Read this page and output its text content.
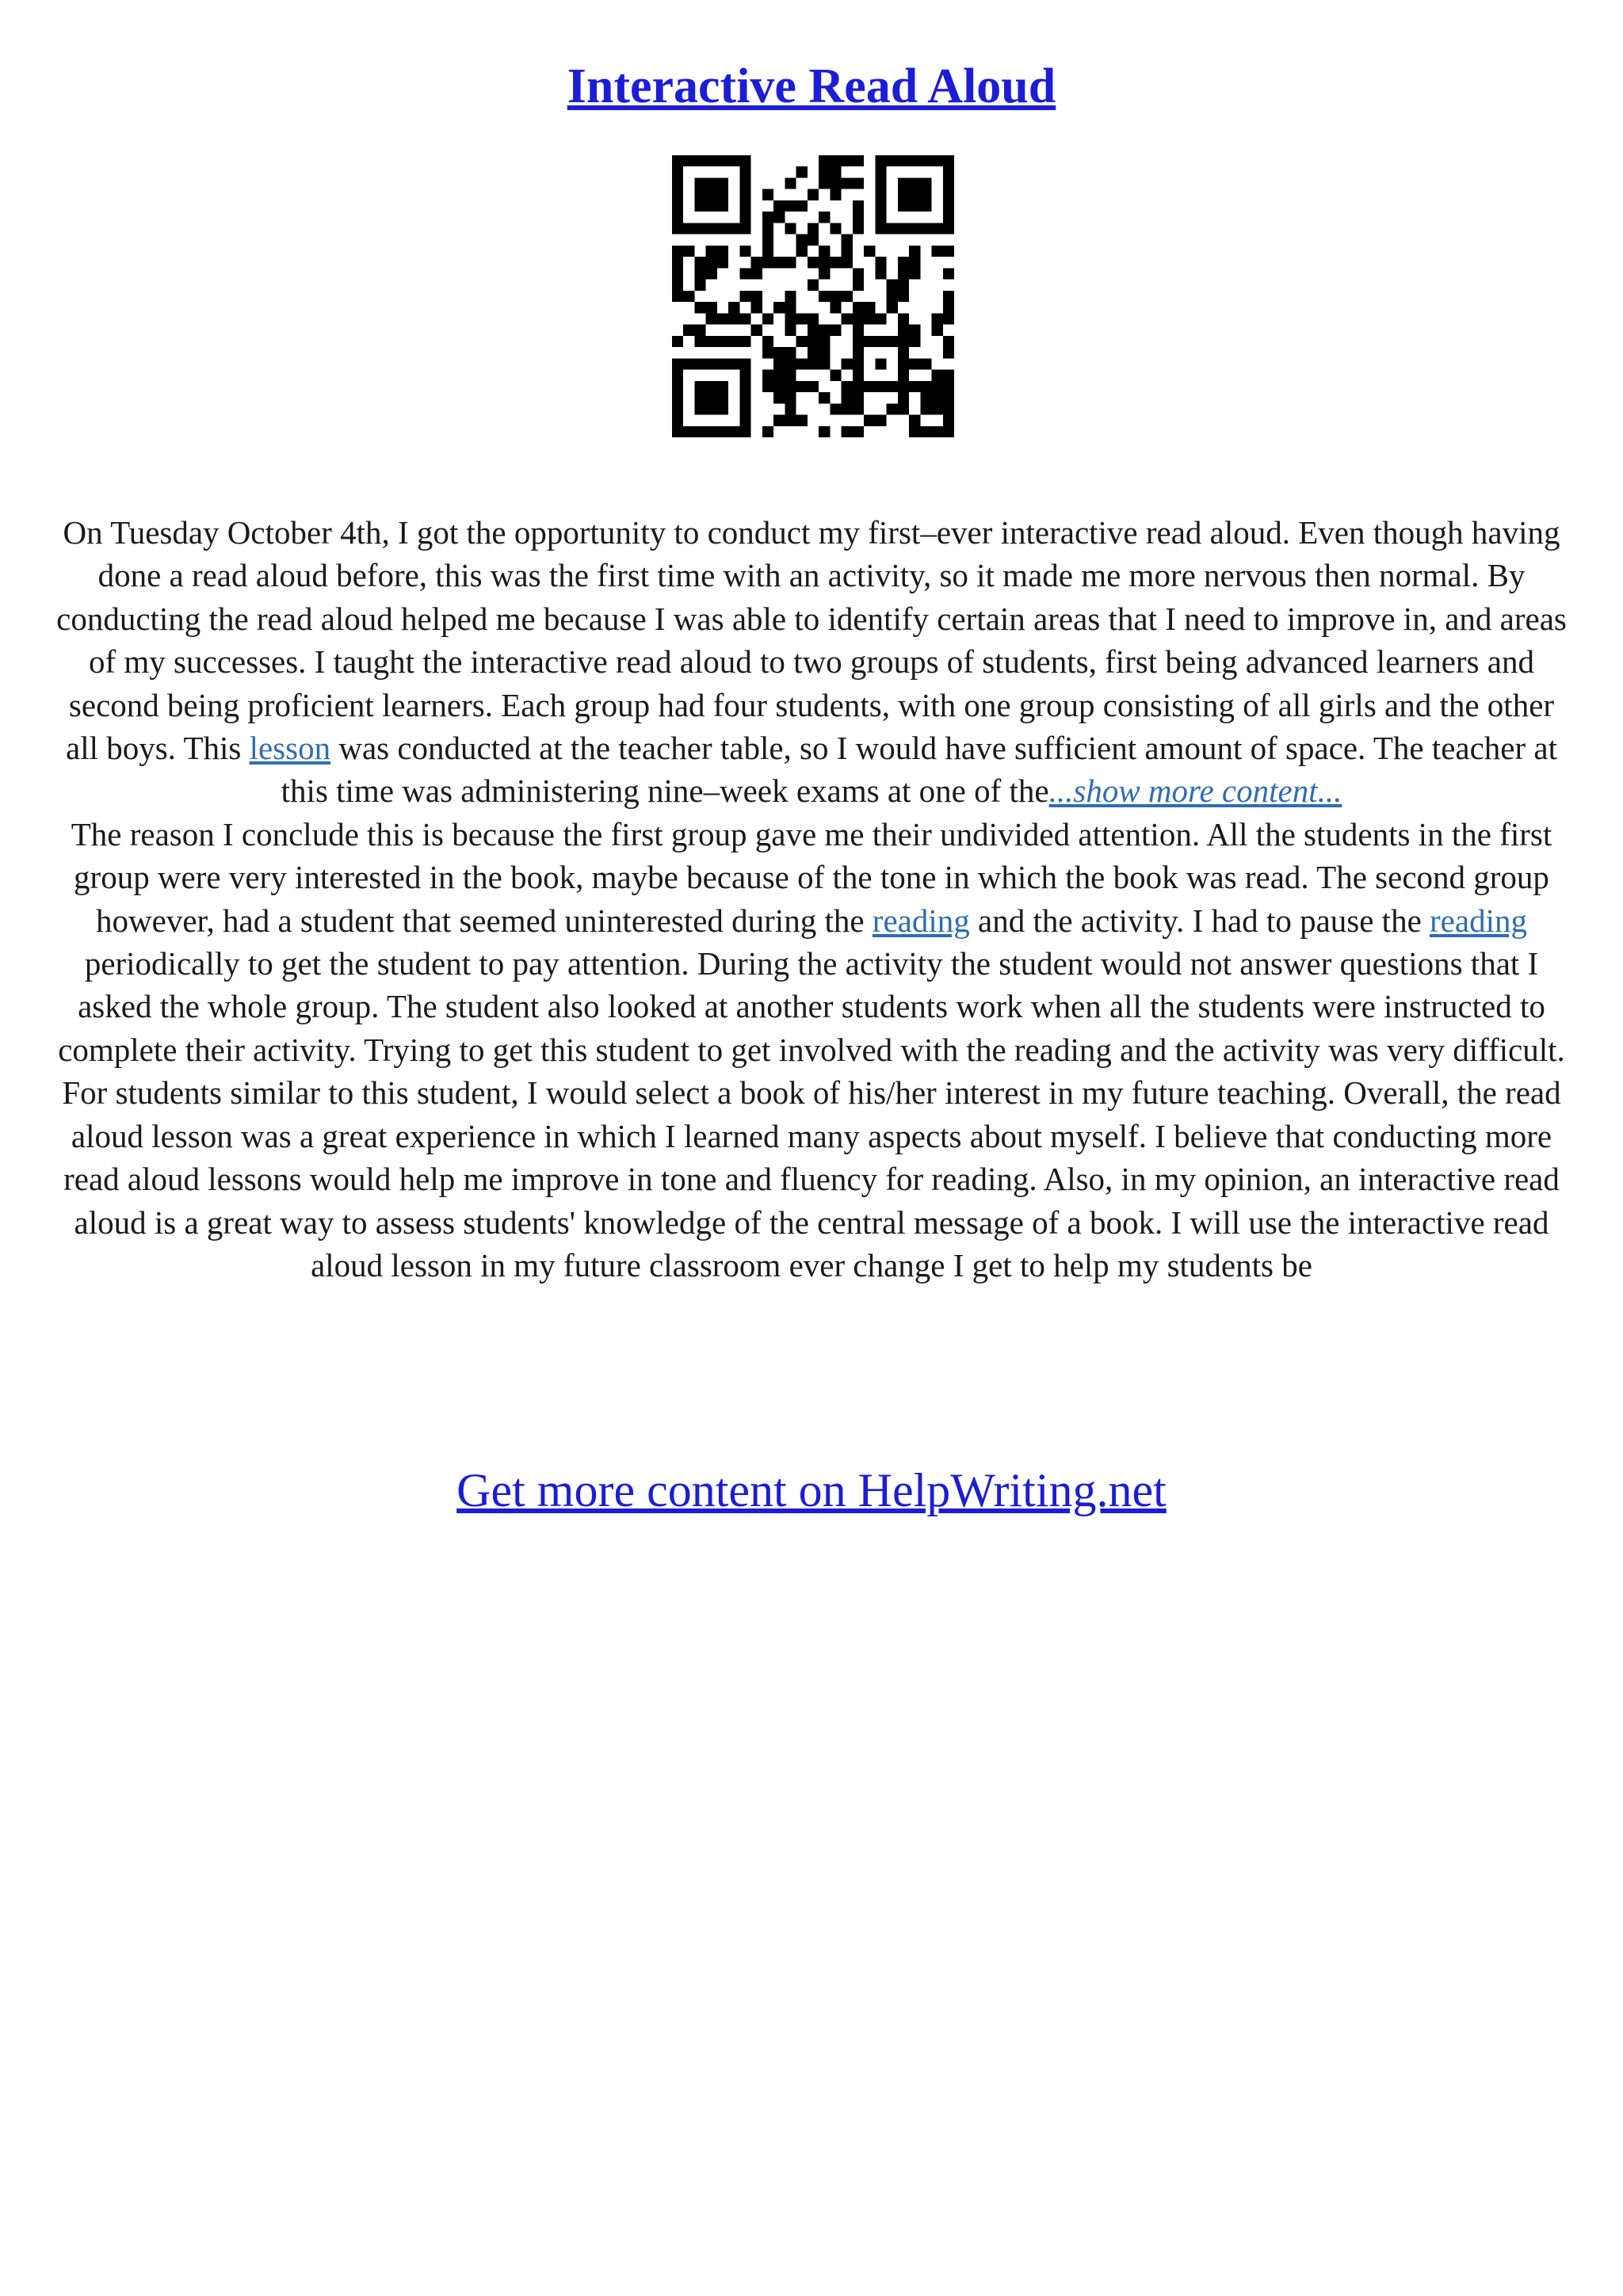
Interactive Read Aloud

On Tuesday October 4th, I got the opportunity to conduct my first–ever interactive read aloud. Even though having done a read aloud before, this was the first time with an activity, so it made me more nervous then normal. By conducting the read aloud helped me because I was able to identify certain areas that I need to improve in, and areas of my successes. I taught the interactive read aloud to two groups of students, first being advanced learners and second being proficient learners. Each group had four students, with one group consisting of all girls and the other all boys. This lesson was conducted at the teacher table, so I would have sufficient amount of space. The teacher at this time was administering nine–week exams at one of the...show more content...

The reason I conclude this is because the first group gave me their undivided attention. All the students in the first group were very interested in the book, maybe because of the tone in which the book was read. The second group however, had a student that seemed uninterested during the reading and the activity. I had to pause the reading periodically to get the student to pay attention. During the activity the student would not answer questions that I asked the whole group. The student also looked at another students work when all the students were instructed to complete their activity. Trying to get this student to get involved with the reading and the activity was very difficult. For students similar to this student, I would select a book of his/her interest in my future teaching. Overall, the read aloud lesson was a great experience in which I learned many aspects about myself. I believe that conducting more read aloud lessons would help me improve in tone and fluency for reading. Also, in my opinion, an interactive read aloud is a great way to assess students' knowledge of the central message of a book. I will use the interactive read aloud lesson in my future classroom ever change I get to help my students be

Get more content on HelpWriting.net
